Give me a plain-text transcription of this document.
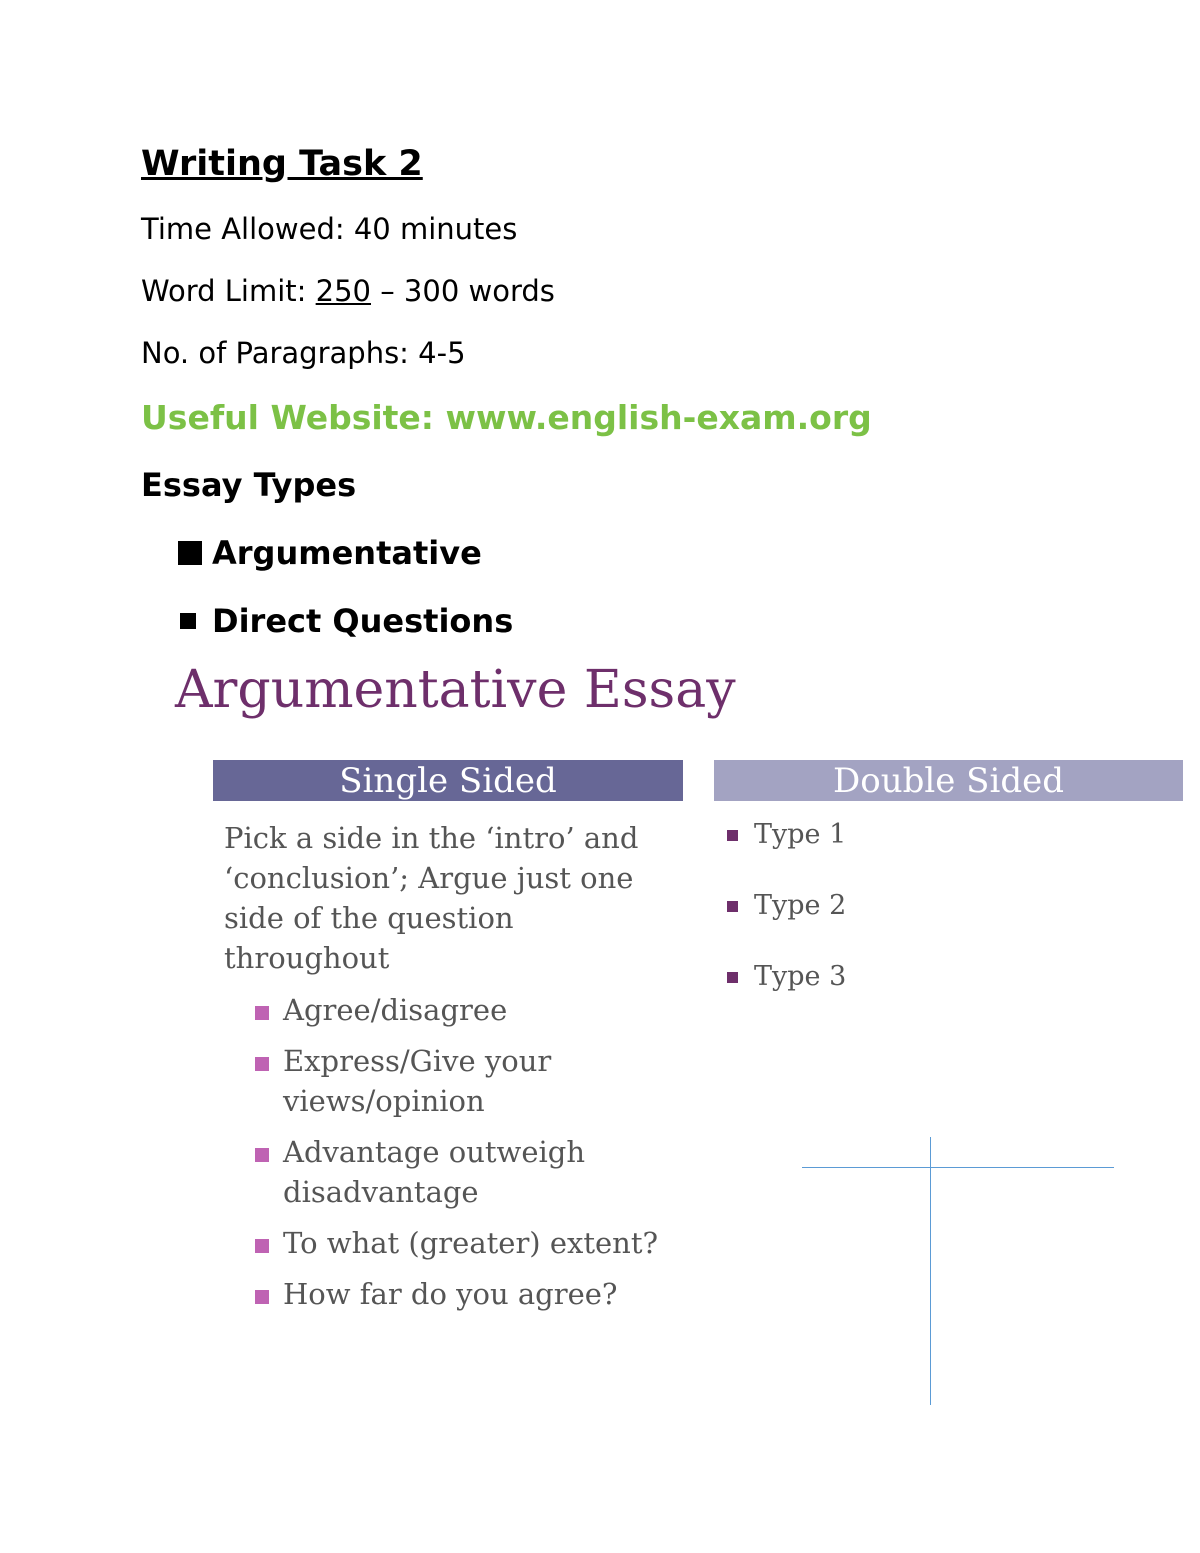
Writing Task 2
Time Allowed: 40 minutes
Word Limit: 250 – 300 words
No. of Paragraphs: 4-5
Useful Website: www.english-exam.org
Essay Types
Argumentative
Direct Questions
Argumentative Essay
Single Sided	Double Sided
Pick a side in the ‘intro’ and ‘conclusion’; Argue just one side of the question throughout
Agree/disagree
Express/Give your views/opinion
Advantage outweigh disadvantage
To what (greater) extent?
How far do you agree?
Type 1
Type 2
Type 3
